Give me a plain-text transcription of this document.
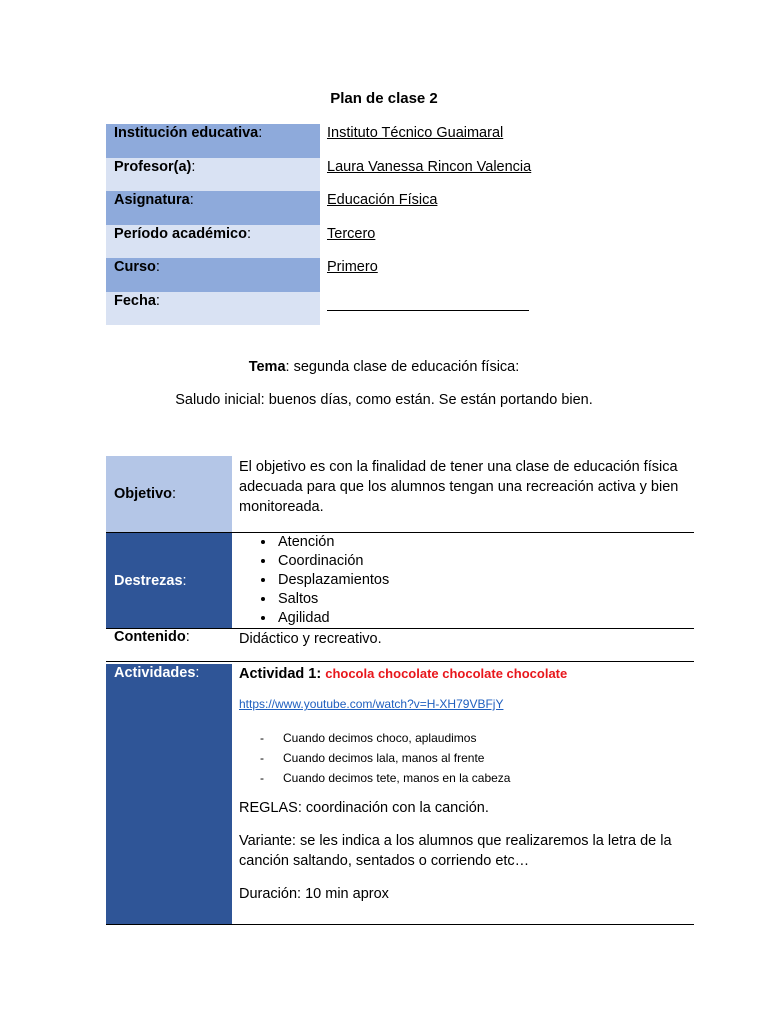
Plan de clase 2
Institución educativa:	Instituto Técnico Guaimaral
Profesor(a):	Laura Vanessa Rincon Valencia
Asignatura:	Educación Física
Período académico:	Tercero
Curso:	Primero
Fecha:
Tema: segunda clase de educación física:
Saludo inicial: buenos días, como están. Se están portando bien.
Objetivo :
El objetivo es con la finalidad de tener una clase de educación física adecuada para que los alumnos tengan una recreación activa y bien monitoreada.
Destrezas :
• Atención
• Coordinación
• Desplazamientos
• Saltos
• Agilidad
Contenido:	Didáctico y recreativo.
Actividades:	Actividad 1: chocola chocolate chocolate chocolate
https://www.youtube.com/watch?v=H-XH79VBFjY
- Cuando decimos choco, aplaudimos
- Cuando decimos lala, manos al frente
- Cuando decimos tete, manos en la cabeza
REGLAS: coordinación con la canción.
Variante: se les indica a los alumnos que realizaremos la letra de la canción saltando, sentados o corriendo etc…
Duración: 10 min aprox
